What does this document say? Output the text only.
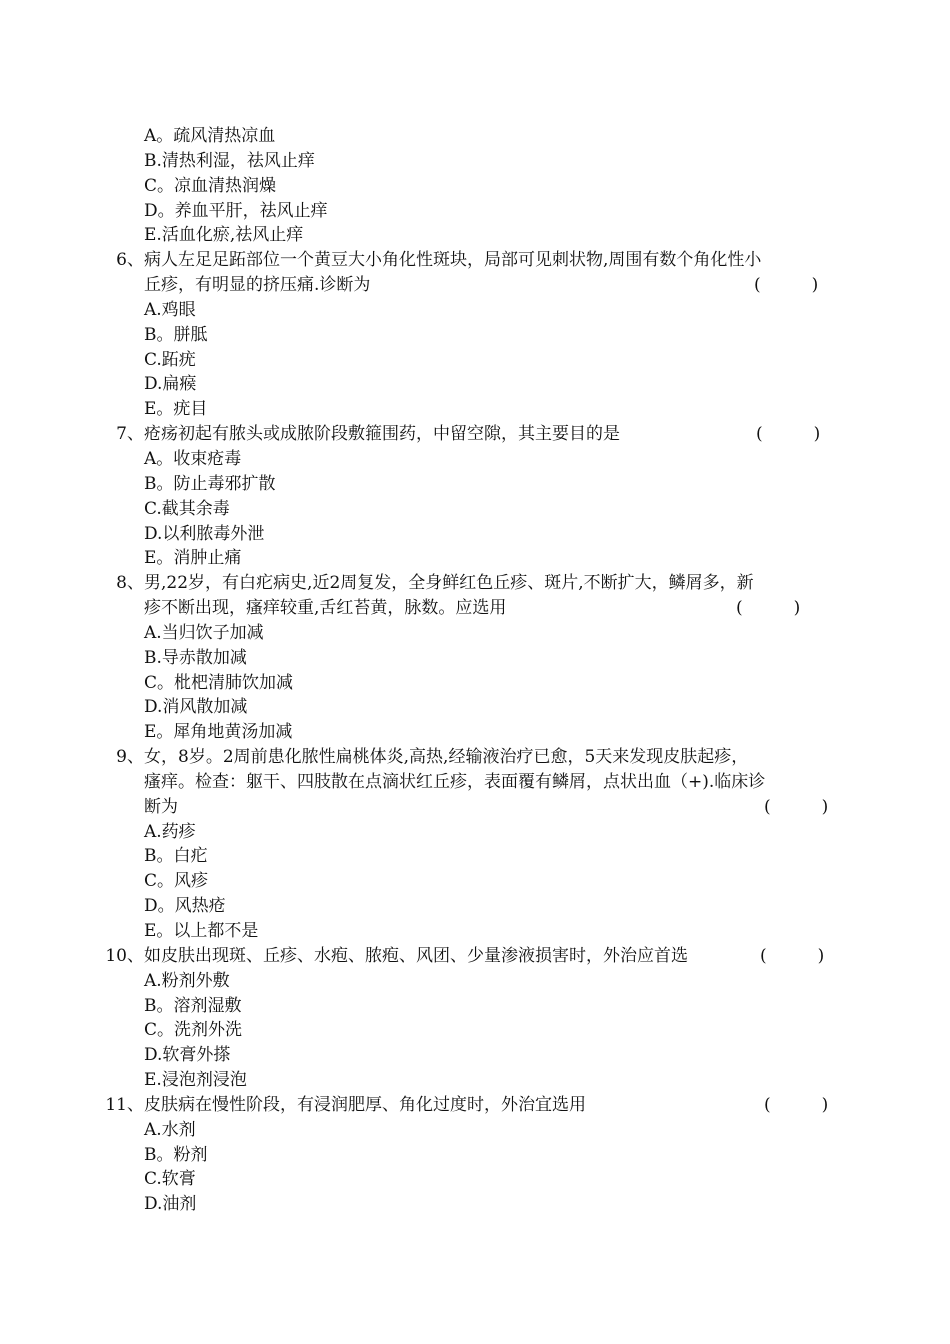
A。疏风清热凉血
B.清热利湿，祛风止痒
C。凉血清热润燥
D。养血平肝，祛风止痒
E.活血化瘀,祛风止痒
6、 病人左足足跖部位一个黄豆大小角化性斑块，局部可见刺状物,周围有数个角化性小
丘疹，有明显的挤压痛.诊断为	(　　　)
A.鸡眼
B。胼胝
C.跖疣
D.扁瘊
E。疣目
7、 疮疡初起有脓头或成脓阶段敷箍围药，中留空隙，其主要目的是	(　　　)
A。收束疮毒
B。防止毒邪扩散
C.截其余毒
D.以利脓毒外泄
E。消肿止痛
8、 男,22岁，有白疕病史,近2周复发，全身鲜红色丘疹、斑片,不断扩大，鳞屑多，新
疹不断出现，瘙痒较重,舌红苔黄，脉数。应选用	(　　　)
A.当归饮子加减
B.导赤散加减
C。枇杷清肺饮加减
D.消风散加减
E。犀角地黄汤加减
9、 女，8岁。2周前患化脓性扁桃体炎,高热,经输液治疗已愈，5天来发现皮肤起疹，
瘙痒。检查：躯干、四肢散在点滴状红丘疹，表面覆有鳞屑，点状出血（+).临床诊
断为	(　　　)
A.药疹
B。白疕
C。风疹
D。风热疮
E。以上都不是
10、 如皮肤出现斑、丘疹、水疱、脓疱、风团、少量渗液损害时，外治应首选	(　　　)
A.粉剂外敷
B。溶剂湿敷
C。洗剂外洗
D.软膏外搽
E.浸泡剂浸泡
11、 皮肤病在慢性阶段，有浸润肥厚、角化过度时，外治宜选用	(　　　)
A.水剂
B。粉剂
C.软膏
D.油剂
